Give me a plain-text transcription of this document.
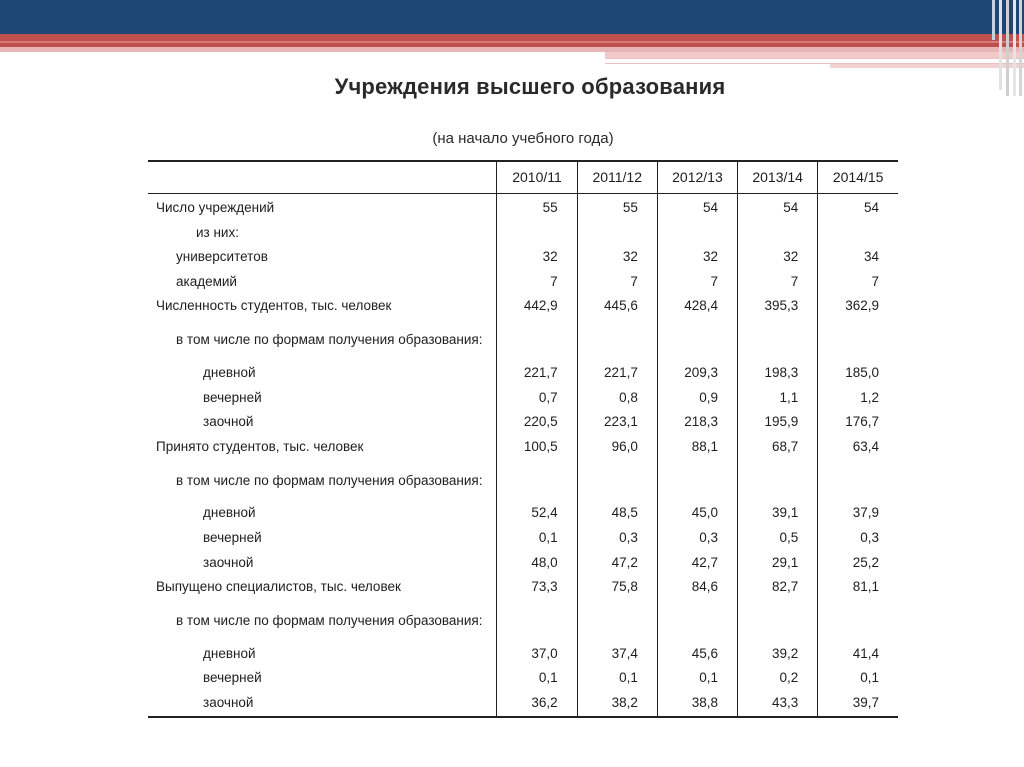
Учреждения высшего образования
(на начало учебного года)
	2010/11	2011/12	2012/13	2013/14	2014/15
Число учреждений	55	55	54	54	54
из них:					
университетов	32	32	32	32	34
академий	7	7	7	7	7
Численность студентов, тыс. человек	442,9	445,6	428,4	395,3	362,9
в том числе по формам получения образования:					
дневной	221,7	221,7	209,3	198,3	185,0
вечерней	0,7	0,8	0,9	1,1	1,2
заочной	220,5	223,1	218,3	195,9	176,7
Принято студентов, тыс. человек	100,5	96,0	88,1	68,7	63,4
в том числе по формам получения образования:					
дневной	52,4	48,5	45,0	39,1	37,9
вечерней	0,1	0,3	0,3	0,5	0,3
заочной	48,0	47,2	42,7	29,1	25,2
Выпущено специалистов, тыс. человек	73,3	75,8	84,6	82,7	81,1
в том числе по формам получения образования:					
дневной	37,0	37,4	45,6	39,2	41,4
вечерней	0,1	0,1	0,1	0,2	0,1
заочной	36,2	38,2	38,8	43,3	39,7
